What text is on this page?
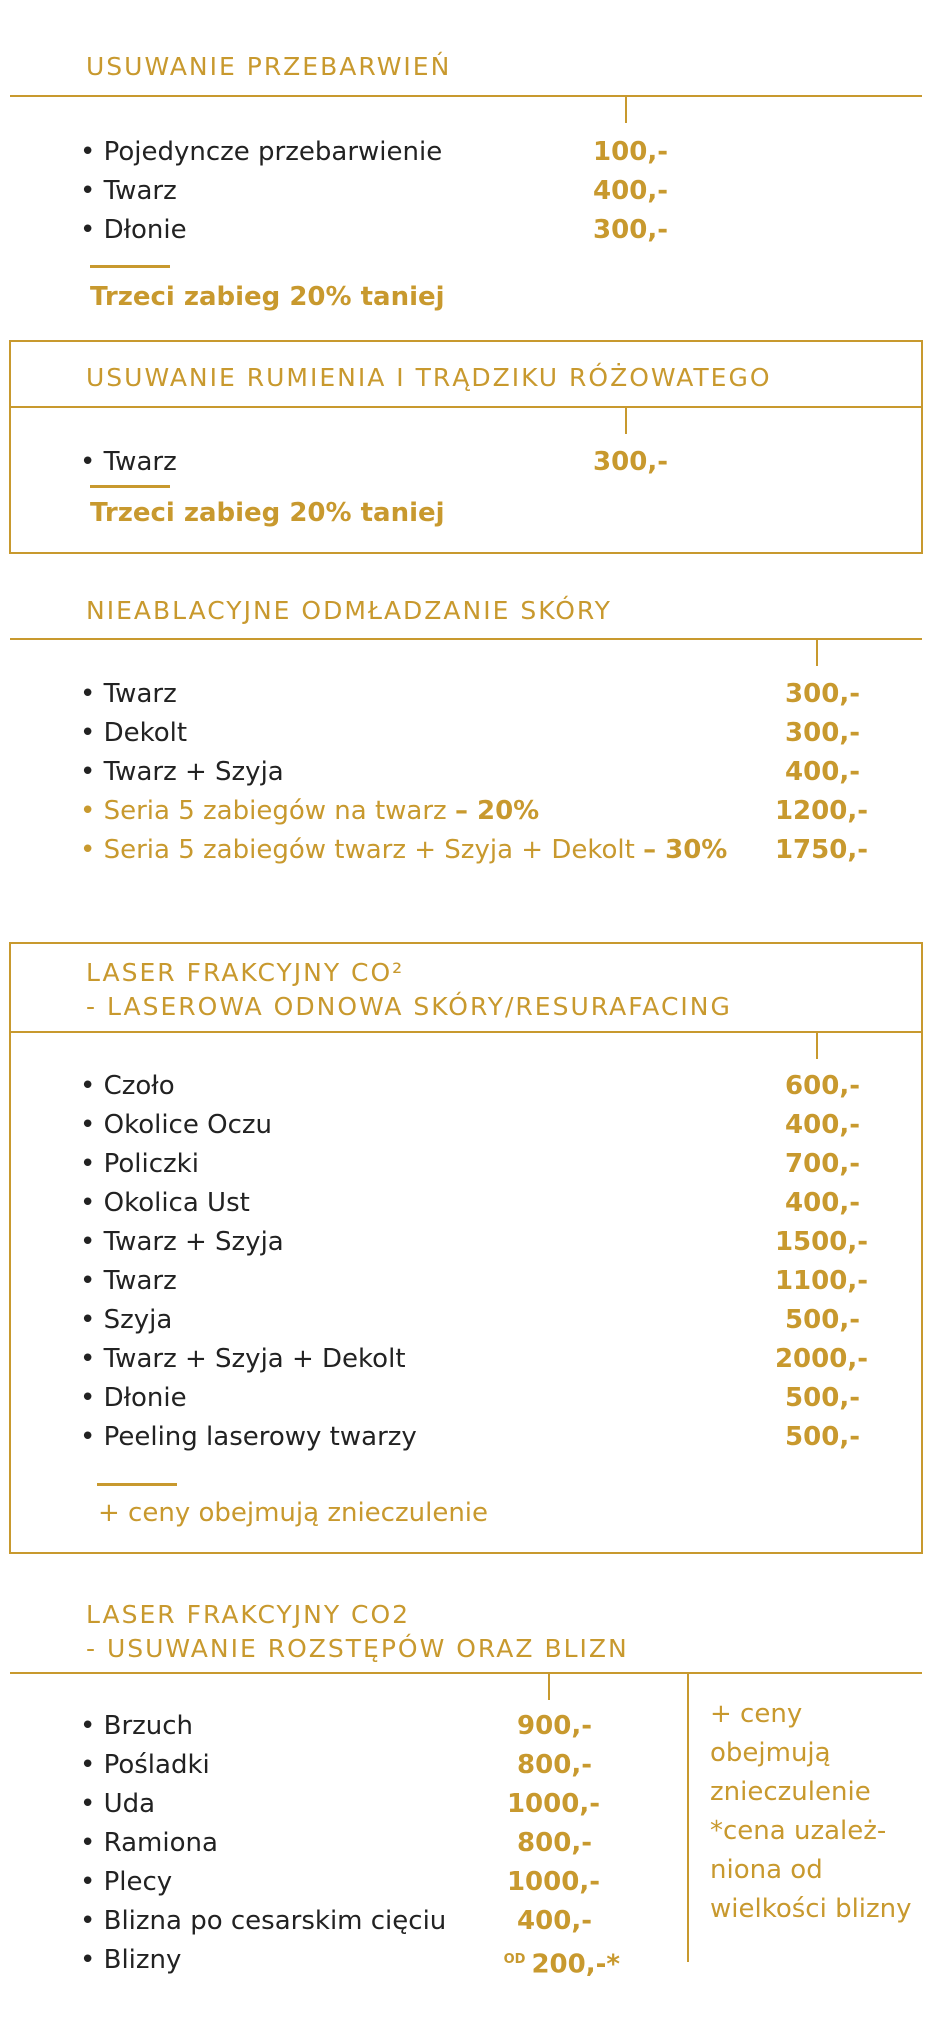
USUWANIE PRZEBARWIEŃ
• Pojedyncze przebarwienie	100,-
• Twarz	400,-
• Dłonie	300,-
Trzeci zabieg 20% taniej
USUWANIE RUMIENIA I TRĄDZIKU RÓŻOWATEGO
• Twarz	300,-
Trzeci zabieg 20% taniej
NIEABLACYJNE ODMŁADZANIE SKÓRY
• Twarz	300,-
• Dekolt	300,-
• Twarz + Szyja	400,-
• Seria 5 zabiegów na twarz – 20%	1200,-
• Seria 5 zabiegów twarz + Szyja + Dekolt – 30%	1750,-
LASER FRAKCYJNY CO²
- LASEROWA ODNOWA SKÓRY/RESURAFACING
• Czoło	600,-
• Okolice Oczu	400,-
• Policzki	700,-
• Okolica Ust	400,-
• Twarz + Szyja	1500,-
• Twarz	1100,-
• Szyja	500,-
• Twarz + Szyja + Dekolt	2000,-
• Dłonie	500,-
• Peeling laserowy twarzy	500,-
+ ceny obejmują znieczulenie
LASER FRAKCYJNY CO2
- USUWANIE ROZSTĘPÓW ORAZ BLIZN
• Brzuch	900,-
• Pośladki	800,-
• Uda	1000,-
• Ramiona	800,-
• Plecy	1000,-
• Blizna po cesarskim cięciu	400,-
• Blizny	$^{OD}$ 200,-*
+ ceny
obejmują
znieczulenie
*cena uzależ-
niona od
wielkości blizny
